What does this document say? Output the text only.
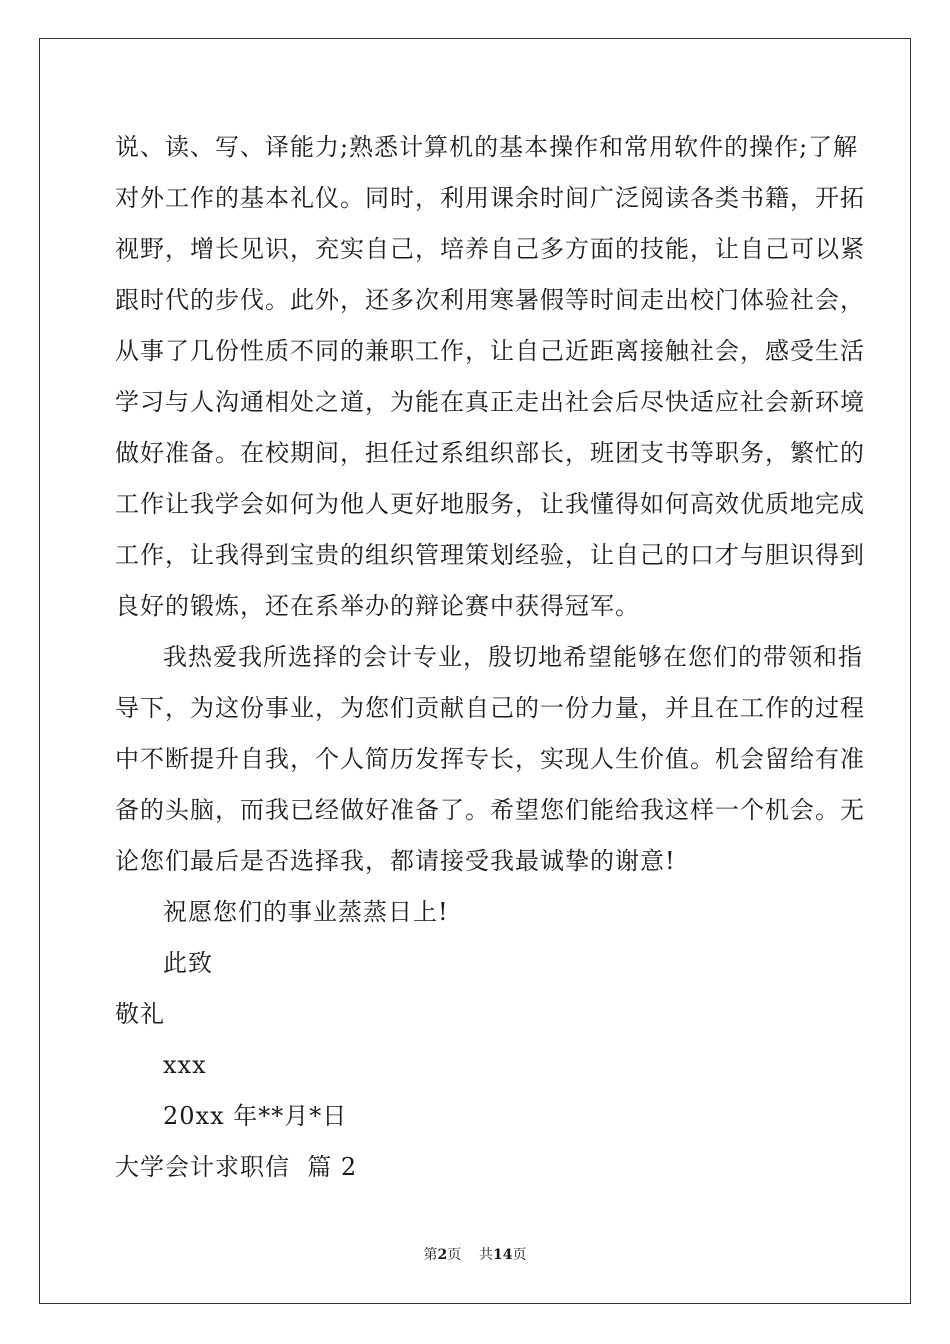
说、读、写、译能力;熟悉计算机的基本操作和常用软件的操作;了解
对外工作的基本礼仪。同时，利用课余时间广泛阅读各类书籍，开拓
视野，增长见识，充实自己，培养自己多方面的技能，让自己可以紧
跟时代的步伐。此外，还多次利用寒暑假等时间走出校门体验社会，
从事了几份性质不同的兼职工作，让自己近距离接触社会，感受生活
学习与人沟通相处之道，为能在真正走出社会后尽快适应社会新环境
做好准备。在校期间，担任过系组织部长，班团支书等职务，繁忙的
工作让我学会如何为他人更好地服务，让我懂得如何高效优质地完成
工作，让我得到宝贵的组织管理策划经验，让自己的口才与胆识得到
良好的锻炼，还在系举办的辩论赛中获得冠军。
我热爱我所选择的会计专业，殷切地希望能够在您们的带领和指
导下，为这份事业，为您们贡献自己的一份力量，并且在工作的过程
中不断提升自我，个人简历发挥专长，实现人生价值。机会留给有准
备的头脑，而我已经做好准备了。希望您们能给我这样一个机会。无
论您们最后是否选择我，都请接受我最诚挚的谢意!
祝愿您们的事业蒸蒸日上!
此致
敬礼
xxx
20xx 年**月*日
大学会计求职信  篇 2
第2页    共14页
